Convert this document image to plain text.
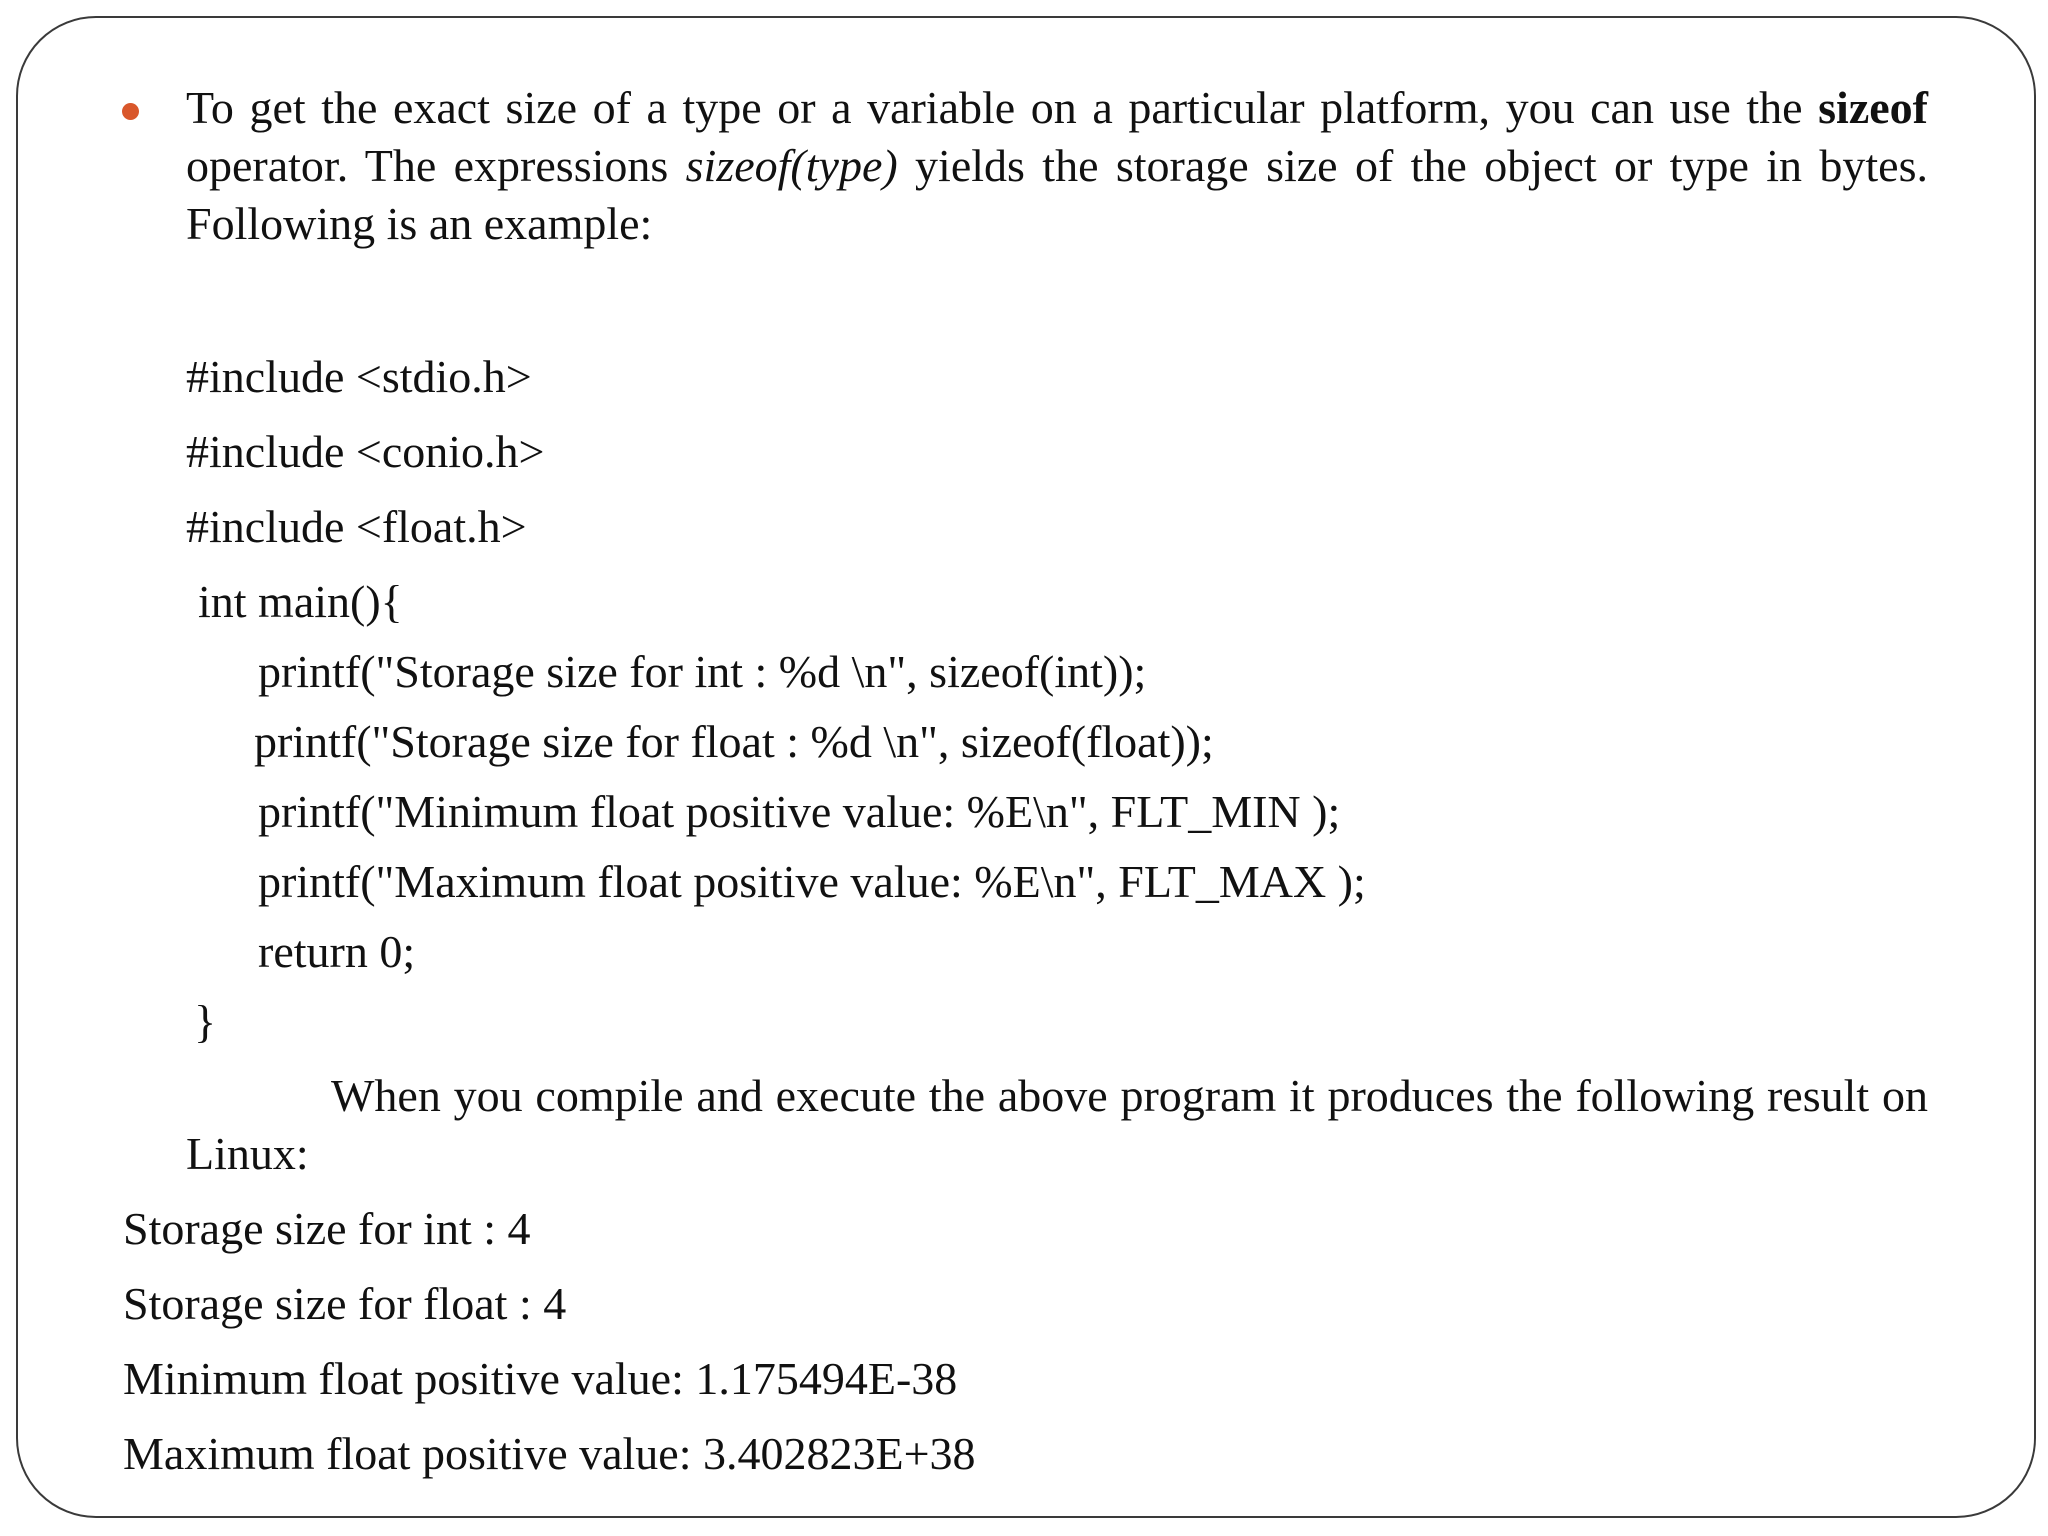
To get the exact size of a type or a variable on a particular platform, you can use the sizeof operator. The expressions sizeof(type) yields the storage size of the object or type in bytes. Following is an example:
#include <stdio.h>
#include <conio.h>
#include <float.h>
int main(){
printf("Storage size for int : %d \n", sizeof(int));
printf("Storage size for float : %d \n", sizeof(float));
printf("Minimum float positive value: %E\n", FLT_MIN );
printf("Maximum float positive value: %E\n", FLT_MAX );
return 0;
}
When you compile and execute the above program it produces the following result on Linux:
Storage size for int : 4
Storage size for float : 4
Minimum float positive value: 1.175494E-38
Maximum float positive value: 3.402823E+38
